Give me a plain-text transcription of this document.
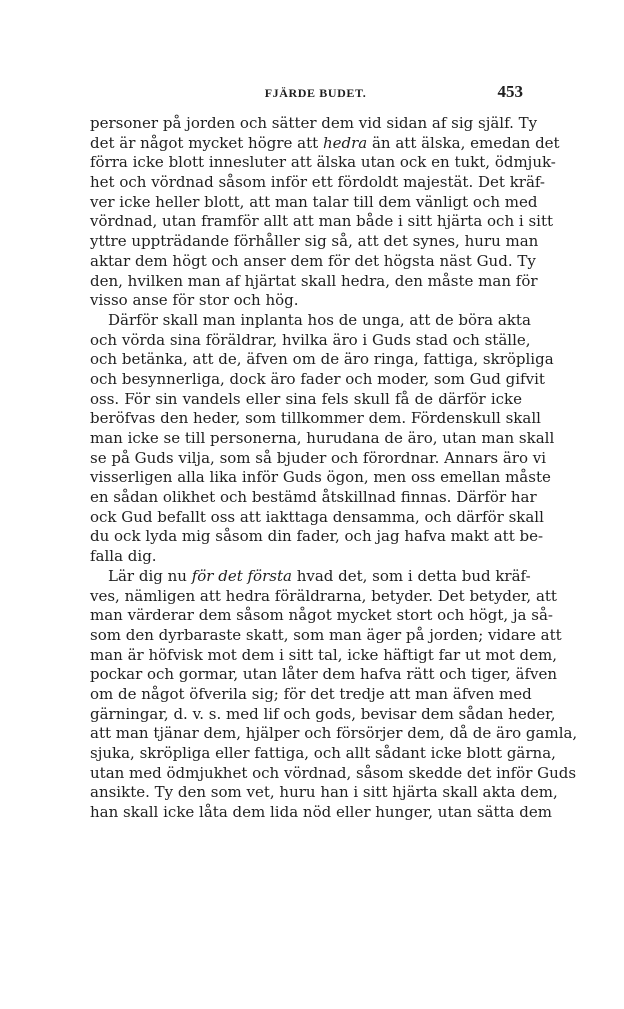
FJÄRDE BUDET.	453
personer på jorden och sätter dem vid sidan af sig själf. Ty
det är något mycket högre att hedra än att älska, emedan det
förra icke blott innesluter att älska utan ock en tukt, ödmjuk-
het och vördnad såsom inför ett fördoldt majestät. Det kräf-
ver icke heller blott, att man talar till dem vänligt och med
vördnad, utan framför allt att man både i sitt hjärta och i sitt
yttre uppträdande förhåller sig så, att det synes, huru man
aktar dem högt och anser dem för det högsta näst Gud. Ty
den, hvilken man af hjärtat skall hedra, den måste man för
visso anse för stor och hög.
Därför skall man inplanta hos de unga, att de böra akta
och vörda sina föräldrar, hvilka äro i Guds stad och ställe,
och betänka, att de, äfven om de äro ringa, fattiga, skröpliga
och besynnerliga, dock äro fader och moder, som Gud gifvit
oss. För sin vandels eller sina fels skull få de därför icke
beröfvas den heder, som tillkommer dem. Fördenskull skall
man icke se till personerna, hurudana de äro, utan man skall
se på Guds vilja, som så bjuder och förordnar. Annars äro vi
visserligen alla lika inför Guds ögon, men oss emellan måste
en sådan olikhet och bestämd åtskillnad finnas. Därför har
ock Gud befallt oss att iakttaga densamma, och därför skall
du ock lyda mig såsom din fader, och jag hafva makt att be-
falla dig.
Lär dig nu för det första hvad det, som i detta bud kräf-
ves, nämligen att hedra föräldrarna, betyder. Det betyder, att
man värderar dem såsom något mycket stort och högt, ja så-
som den dyrbaraste skatt, som man äger på jorden; vidare att
man är höfvisk mot dem i sitt tal, icke häftigt far ut mot dem,
pockar och gormar, utan låter dem hafva rätt och tiger, äfven
om de något öfverila sig; för det tredje att man äfven med
gärningar, d. v. s. med lif och gods, bevisar dem sådan heder,
att man tjänar dem, hjälper och försörjer dem, då de äro gamla,
sjuka, skröpliga eller fattiga, och allt sådant icke blott gärna,
utan med ödmjukhet och vördnad, såsom skedde det inför Guds
ansikte. Ty den som vet, huru han i sitt hjärta skall akta dem,
han skall icke låta dem lida nöd eller hunger, utan sätta dem
